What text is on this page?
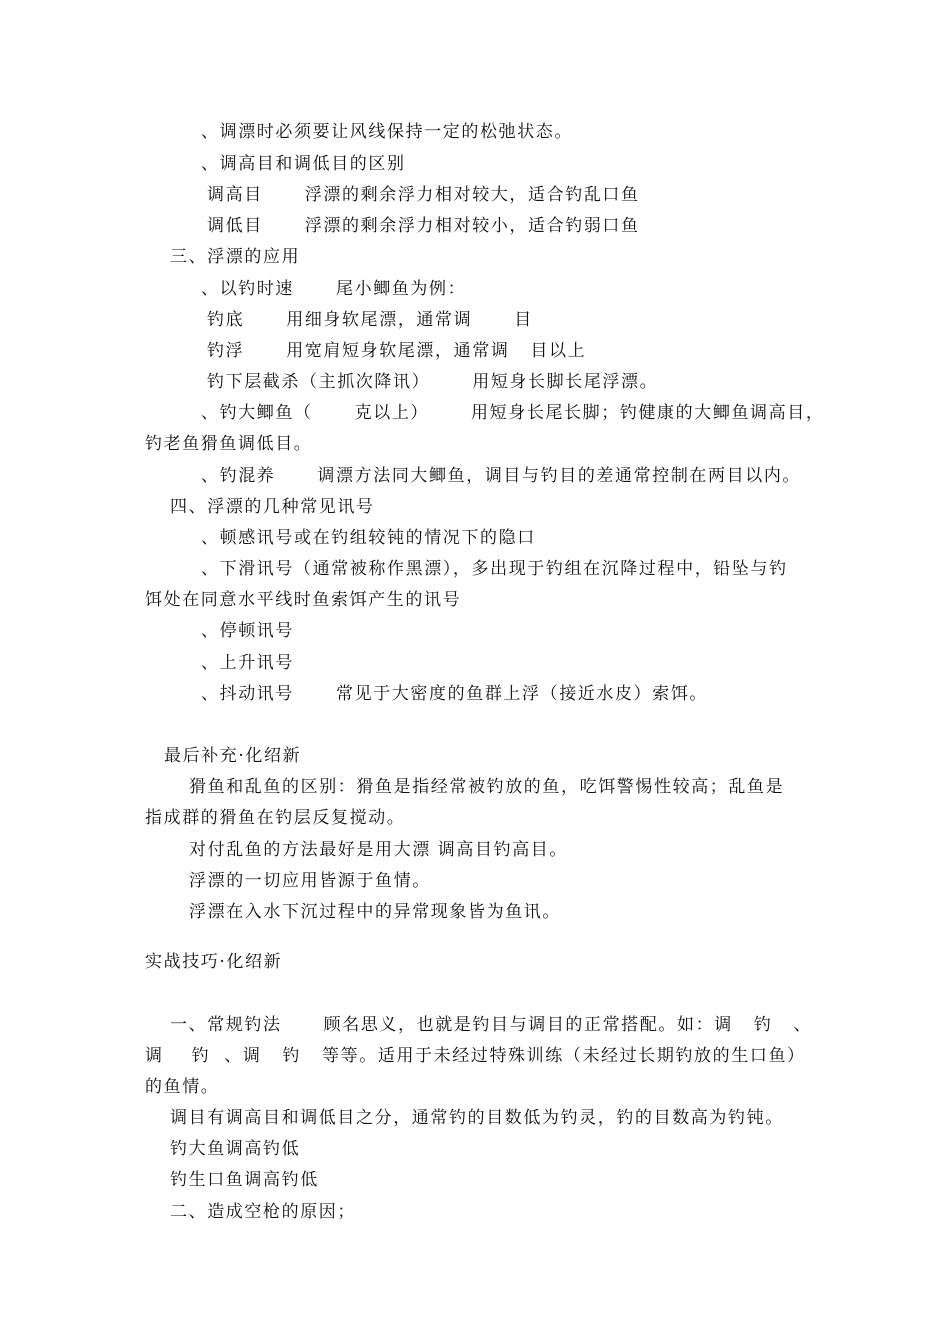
、调漂时必须要让风线保持一定的松弛状态。
、调高目和调低目的区别
调高目      浮漂的剩余浮力相对较大，适合钓乱口鱼
调低目      浮漂的剩余浮力相对较小，适合钓弱口鱼
三、浮漂的应用
、以钓时速      尾小鲫鱼为例：
钓底      用细身软尾漂，通常调      目
钓浮      用宽肩短身软尾漂，通常调   目以上
钓下层截杀（主抓次降讯）      用短身长脚长尾浮漂。
、钓大鲫鱼（      克以上）      用短身长尾长脚；钓健康的大鲫鱼调高目，
钓老鱼猾鱼调低目。
、钓混养      调漂方法同大鲫鱼，调目与钓目的差通常控制在两目以内。
四、浮漂的几种常见讯号
、顿感讯号或在钓组较钝的情况下的隐口
、下滑讯号（通常被称作黑漂），多出现于钓组在沉降过程中，铅坠与钓
饵处在同意水平线时鱼索饵产生的讯号
、停顿讯号
、上升讯号
、抖动讯号      常见于大密度的鱼群上浮（接近水皮）索饵。
最后补充·化绍新
猾鱼和乱鱼的区别：猾鱼是指经常被钓放的鱼，吃饵警惕性较高；乱鱼是
指成群的猾鱼在钓层反复搅动。
对付乱鱼的方法最好是用大漂 调高目钓高目。
浮漂的一切应用皆源于鱼情。
浮漂在入水下沉过程中的异常现象皆为鱼讯。
实战技巧·化绍新
一、常规钓法      顾名思义，也就是钓目与调目的正常搭配。如：调   钓   、
调    钓  、调   钓   等等。适用于未经过特殊训练（未经过长期钓放的生口鱼）
的鱼情。
调目有调高目和调低目之分，通常钓的目数低为钓灵，钓的目数高为钓钝。
钓大鱼调高钓低
钓生口鱼调高钓低
二、造成空枪的原因；
